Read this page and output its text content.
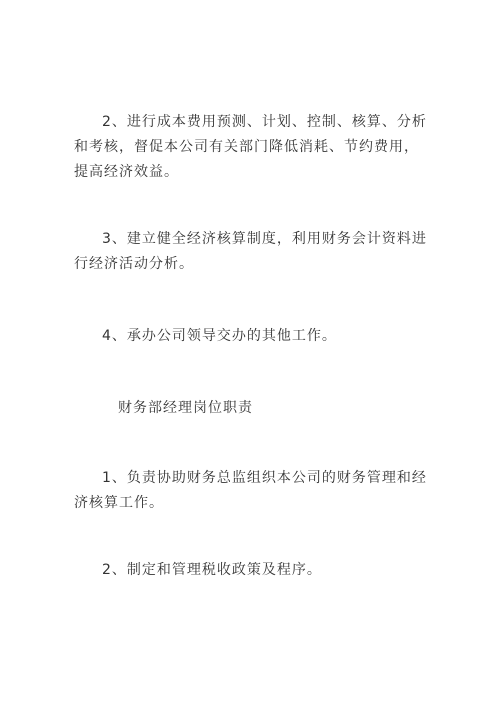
2、进行成本费用预测、计划、控制、核算、分析和考核，督促本公司有关部门降低消耗、节约费用，提高经济效益。

3、建立健全经济核算制度，利用财务会计资料进行经济活动分析。

4、承办公司领导交办的其他工作。

财务部经理岗位职责

1、负责协助财务总监组织本公司的财务管理和经济核算工作。

2、制定和管理税收政策及程序。
